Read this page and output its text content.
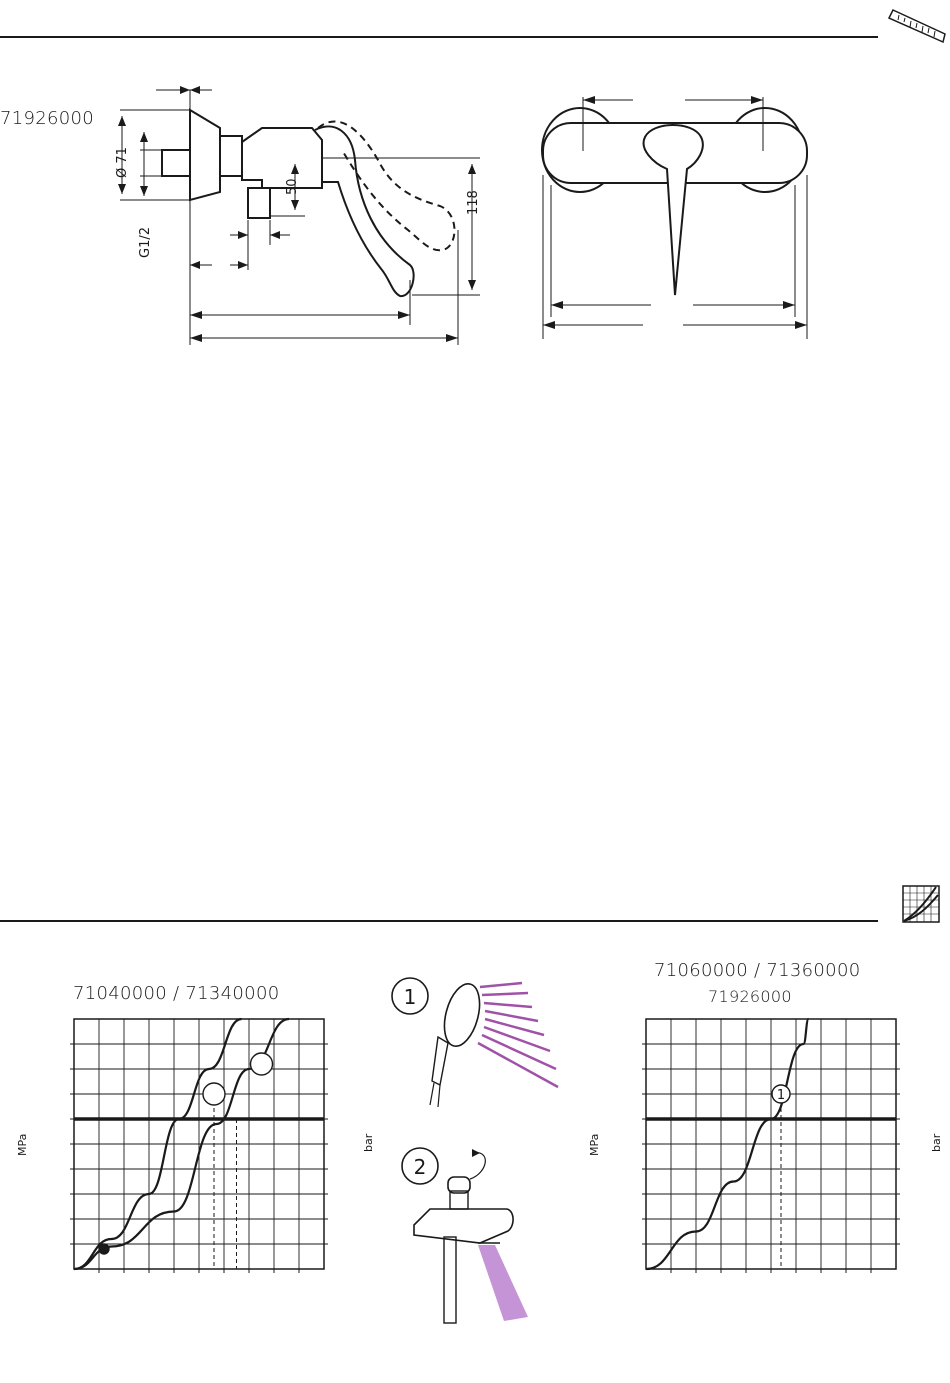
71926000
Ø 71
G1/2
50
118
71040000 / 71340000
MPa	bar
1
2
71060000 / 71360000
71926000
MPa	bar
1
